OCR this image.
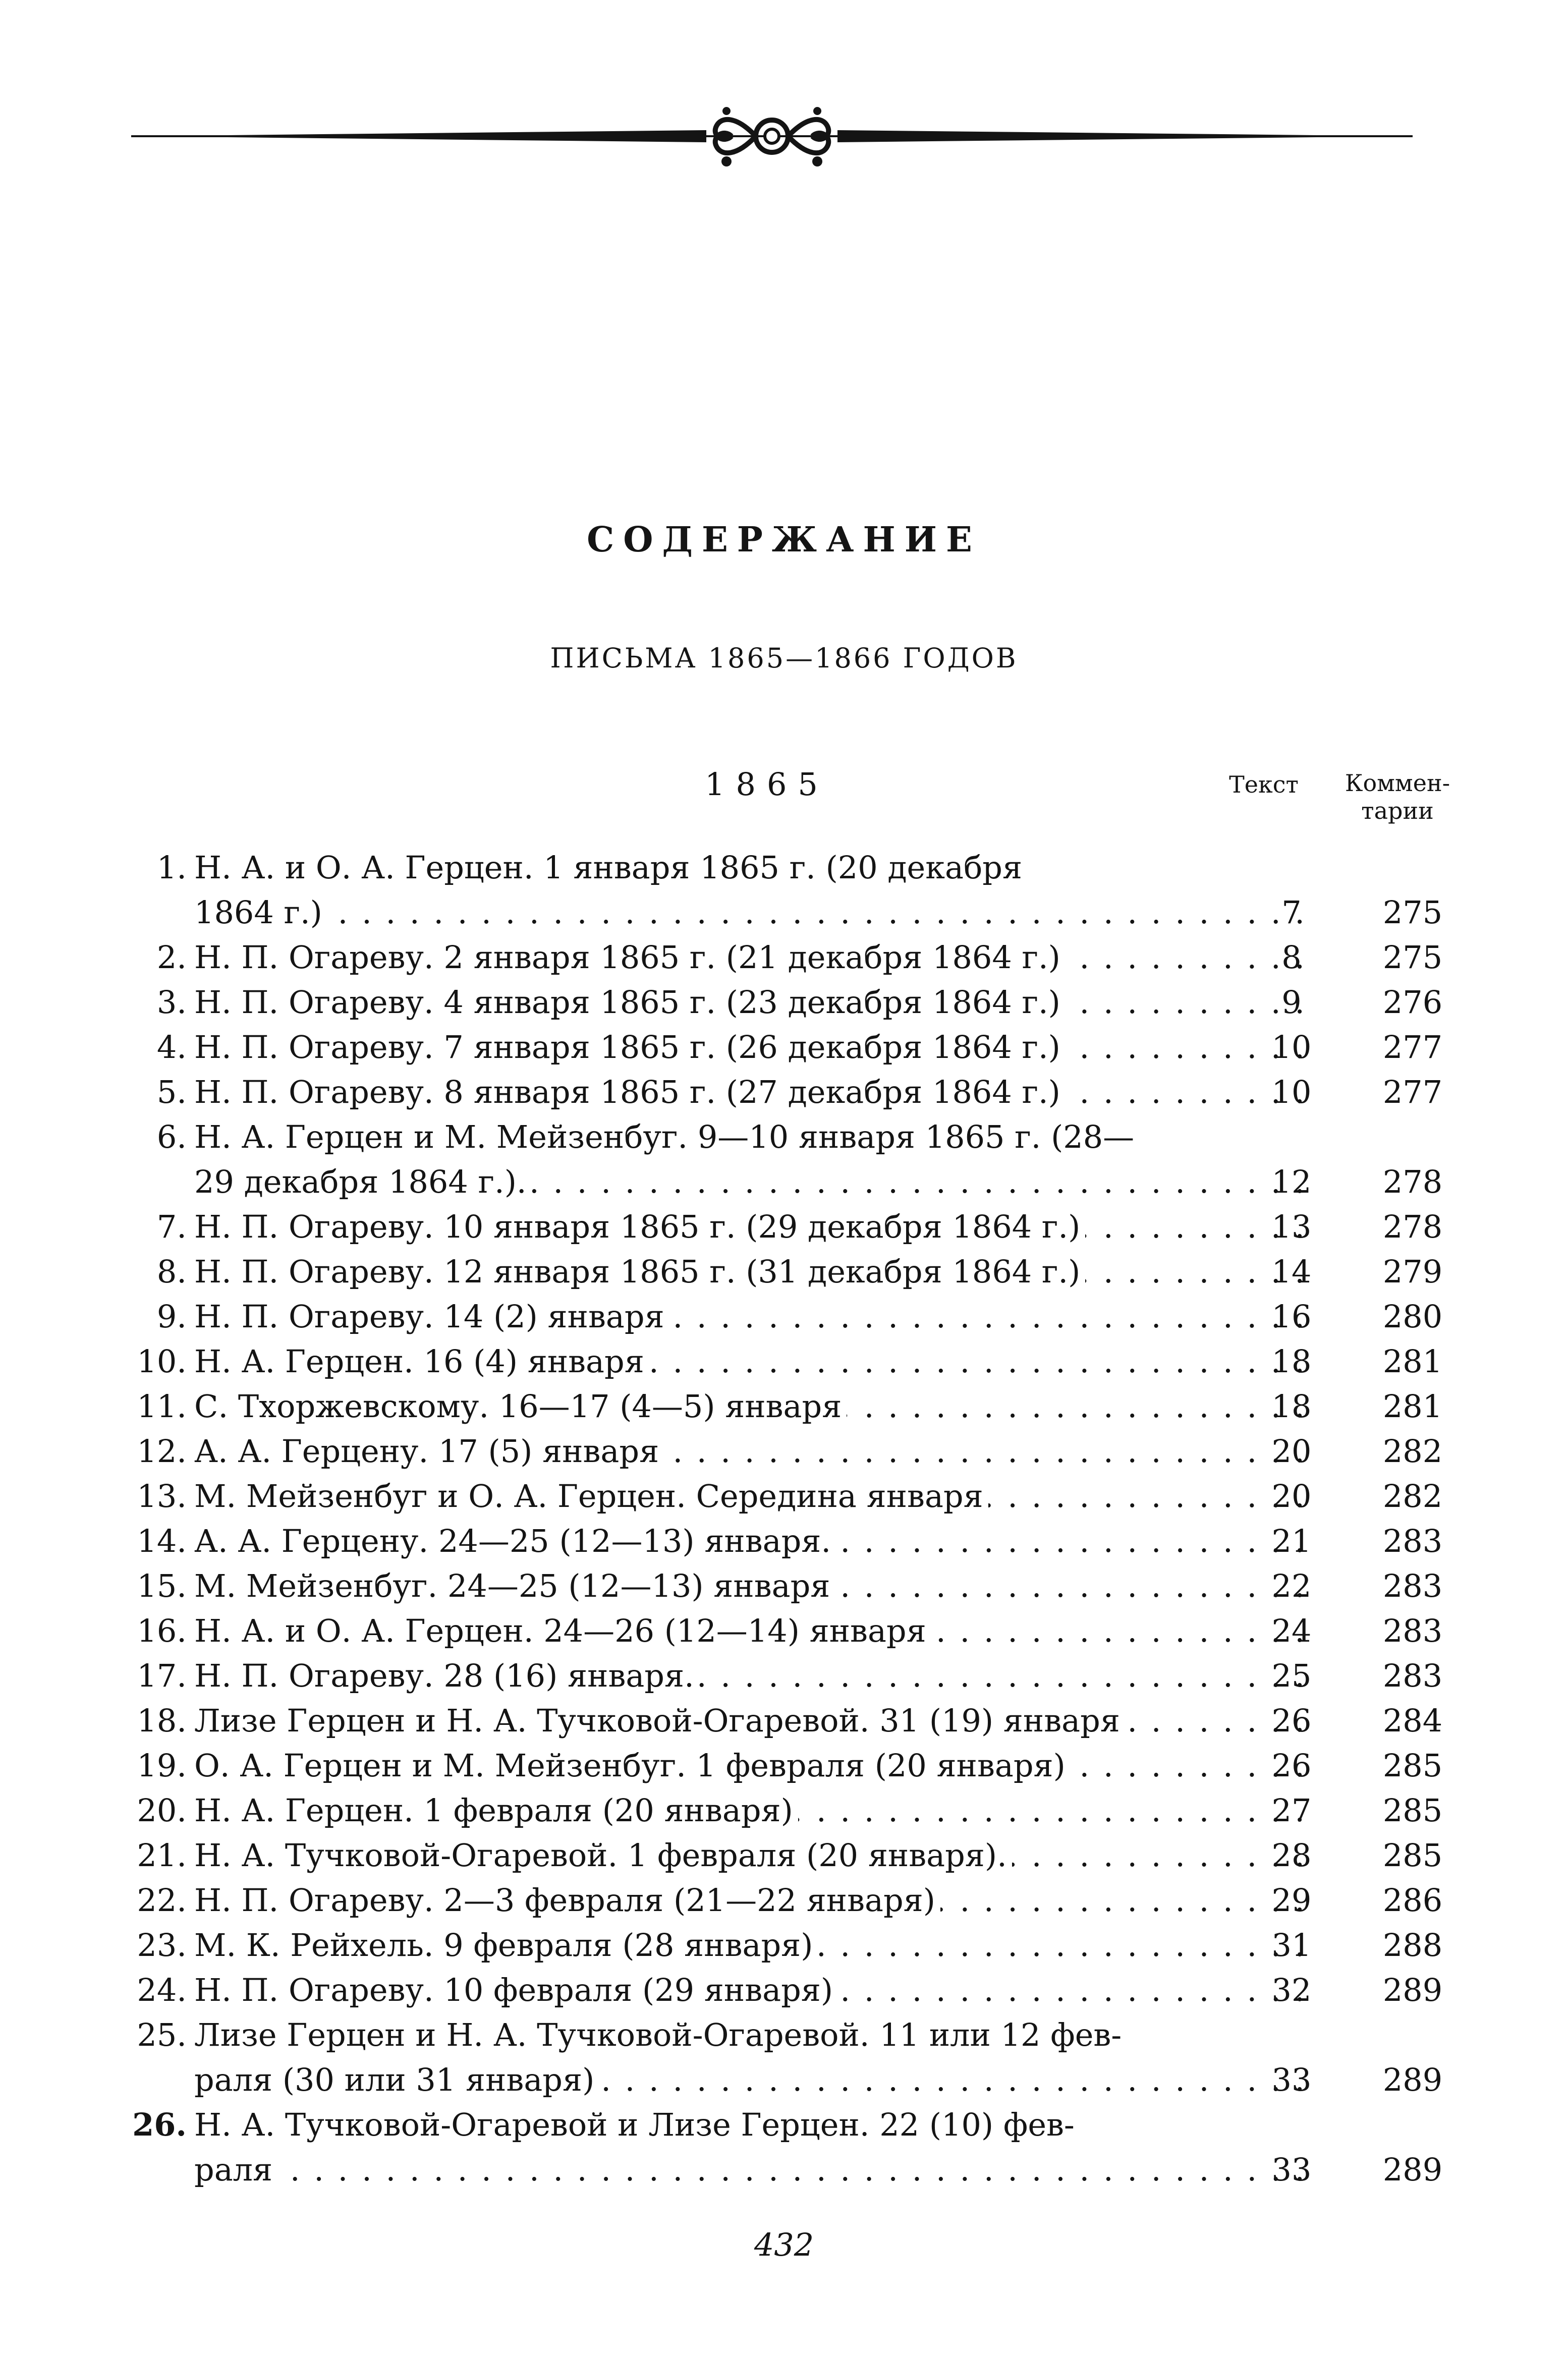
СОДЕРЖАНИЕ
ПИСЬМА 1865—1866 ГОДОВ
1865	Текст	Коммен-
тарии
1. Н. А. и О. А. Герцен. 1 января 1865 г. (20 декабря
1864 г.) . . .	7	275
2. Н. П. Огареву. 2 января 1865 г. (21 декабря 1864 г.) . . .	8	275
3. Н. П. Огареву. 4 января 1865 г. (23 декабря 1864 г.) . . .	9	276
4. Н. П. Огареву. 7 января 1865 г. (26 декабря 1864 г.) . . .	10	277
5. Н. П. Огареву. 8 января 1865 г. (27 декабря 1864 г.) . . .	10	277
6. Н. А. Герцен и М. Мейзенбуг. 9—10 января 1865 г. (28—
29 декабря 1864 г.). . . .	12	278
7. Н. П. Огареву. 10 января 1865 г. (29 декабря 1864 г.) . . .	13	278
8. Н. П. Огареву. 12 января 1865 г. (31 декабря 1864 г.) . . .	14	279
9. Н. П. Огареву. 14 (2) января . . .	16	280
10. Н. А. Герцен. 16 (4) января . . .	18	281
11. С. Тхоржевскому. 16—17 (4—5) января . . .	18	281
12. А. А. Герцену. 17 (5) января . . .	20	282
13. М. Мейзенбуг и О. А. Герцен. Середина января . . .	20	282
14. А. А. Герцену. 24—25 (12—13) января. . . .	21	283
15. М. Мейзенбуг. 24—25 (12—13) января . . .	22	283
16. Н. А. и О. А. Герцен. 24—26 (12—14) января . . .	24	283
17. Н. П. Огареву. 28 (16) января. . . .	25	283
18. Лизе Герцен и Н. А. Тучковой-Огаревой. 31 (19) января . . .	26	284
19. О. А. Герцен и М. Мейзенбуг. 1 февраля (20 января) . . .	26	285
20. Н. А. Герцен. 1 февраля (20 января) . . .	27	285
21. Н. А. Тучковой-Огаревой. 1 февраля (20 января). . . .	28	285
22. Н. П. Огареву. 2—3 февраля (21—22 января) . . .	29	286
23. М. К. Рейхель. 9 февраля (28 января) . . .	31	288
24. Н. П. Огареву. 10 февраля (29 января) . . .	32	289
25. Лизе Герцен и Н. А. Тучковой-Огаревой. 11 или 12 фев-
раля (30 или 31 января) . . .	33	289
26. Н. А. Тучковой-Огаревой и Лизе Герцен. 22 (10) фев-
раля . . .	33	289
432
